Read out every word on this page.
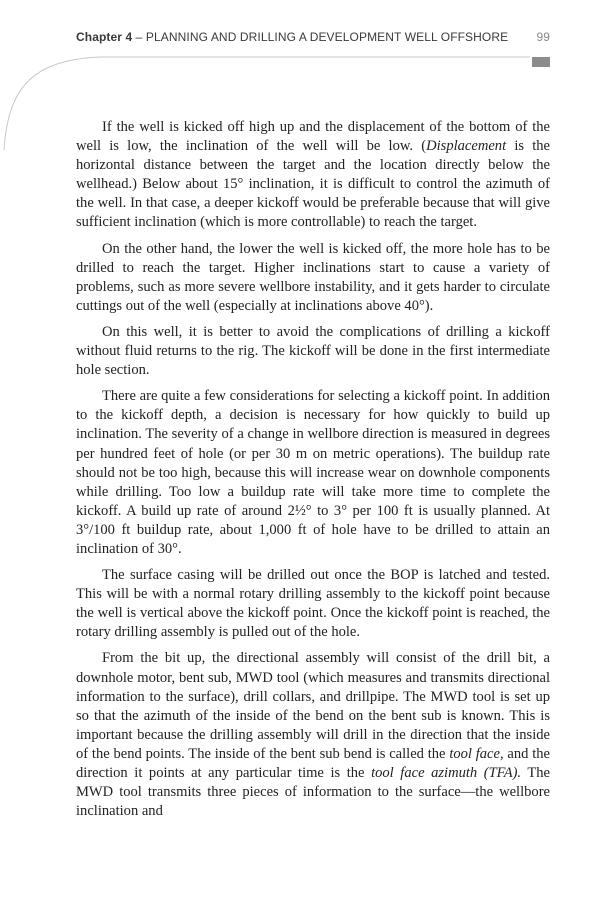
Chapter 4 – PLANNING AND DRILLING A DEVELOPMENT WELL OFFSHORE 99

If the well is kicked off high up and the displacement of the bottom of the well is low, the inclination of the well will be low. (Displacement is the horizontal distance between the target and the location directly below the wellhead.) Below about 15° inclination, it is difficult to control the azimuth of the well. In that case, a deeper kickoff would be preferable because that will give sufficient inclination (which is more controllable) to reach the target.

On the other hand, the lower the well is kicked off, the more hole has to be drilled to reach the target. Higher inclinations start to cause a variety of problems, such as more severe wellbore instability, and it gets harder to circulate cuttings out of the well (especially at inclinations above 40°).

On this well, it is better to avoid the complications of drilling a kickoff without fluid returns to the rig. The kickoff will be done in the first intermediate hole section.

There are quite a few considerations for selecting a kickoff point. In addition to the kickoff depth, a decision is necessary for how quickly to build up inclination. The severity of a change in wellbore direction is measured in degrees per hundred feet of hole (or per 30 m on metric operations). The buildup rate should not be too high, because this will increase wear on downhole components while drilling. Too low a buildup rate will take more time to complete the kickoff. A build up rate of around 2½° to 3° per 100 ft is usually planned. At 3°/100 ft buildup rate, about 1,000 ft of hole have to be drilled to attain an inclination of 30°.

The surface casing will be drilled out once the BOP is latched and tested. This will be with a normal rotary drilling assembly to the kickoff point because the well is vertical above the kickoff point. Once the kickoff point is reached, the rotary drilling assembly is pulled out of the hole.

From the bit up, the directional assembly will consist of the drill bit, a downhole motor, bent sub, MWD tool (which measures and transmits directional information to the surface), drill collars, and drillpipe. The MWD tool is set up so that the azimuth of the inside of the bend on the bent sub is known. This is important because the drilling assembly will drill in the direction that the inside of the bend points. The inside of the bent sub bend is called the tool face, and the direction it points at any particular time is the tool face azimuth (TFA). The MWD tool transmits three pieces of information to the surface—the wellbore inclination and
